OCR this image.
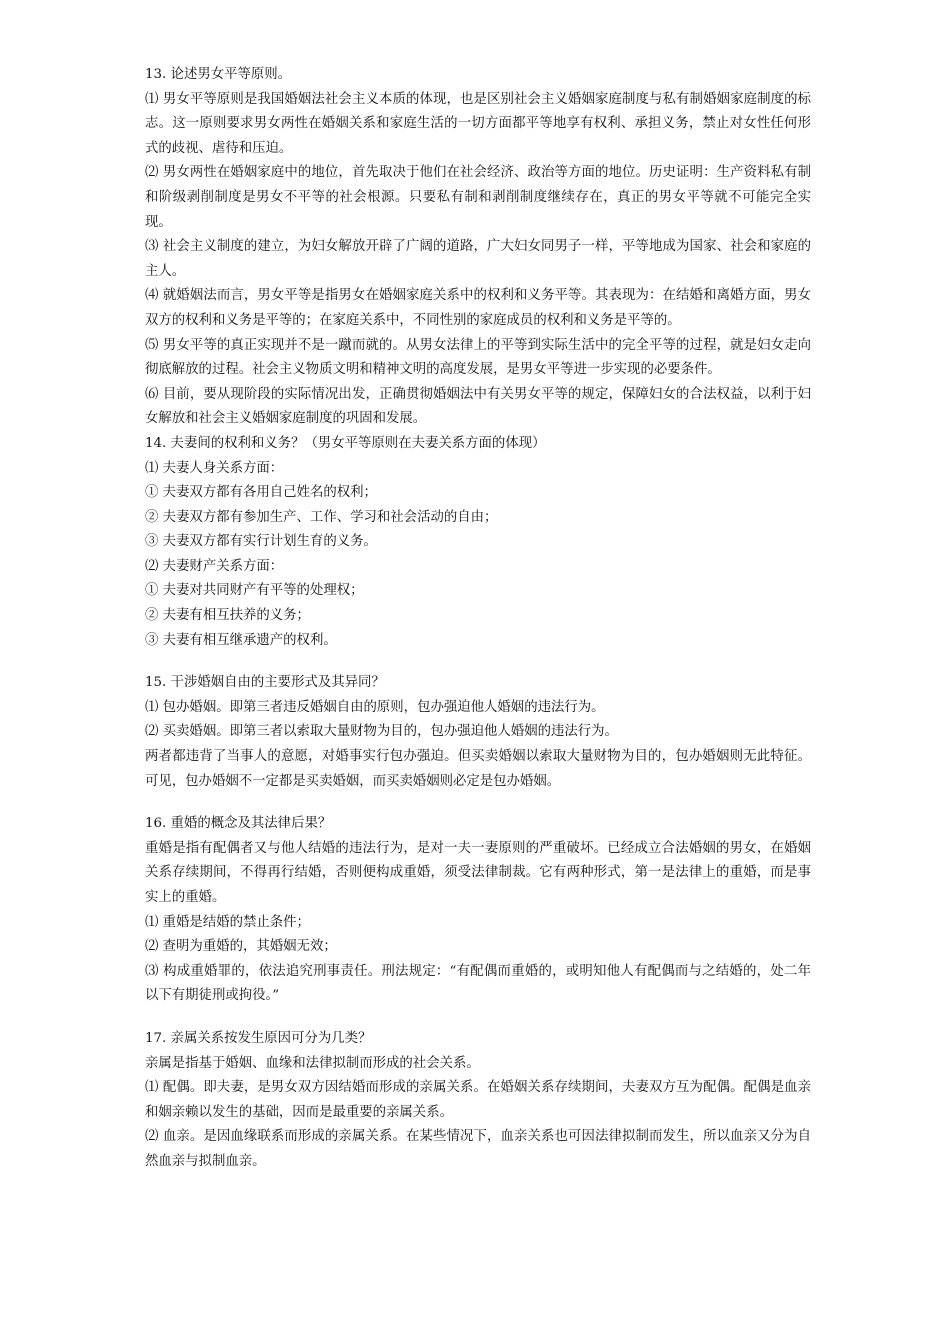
13. 论述男女平等原则。
⑴ 男女平等原则是我国婚姻法社会主义本质的体现，也是区别社会主义婚姻家庭制度与私有制婚姻家庭制度的标志。这一原则要求男女两性在婚姻关系和家庭生活的一切方面都平等地享有权利、承担义务，禁止对女性任何形式的歧视、虐待和压迫。
⑵ 男女两性在婚姻家庭中的地位，首先取决于他们在社会经济、政治等方面的地位。历史证明：生产资料私有制和阶级剥削制度是男女不平等的社会根源。只要私有制和剥削制度继续存在，真正的男女平等就不可能完全实现。
⑶ 社会主义制度的建立，为妇女解放开辟了广阔的道路，广大妇女同男子一样，平等地成为国家、社会和家庭的主人。
⑷ 就婚姻法而言，男女平等是指男女在婚姻家庭关系中的权利和义务平等。其表现为：在结婚和离婚方面，男女双方的权利和义务是平等的；在家庭关系中，不同性别的家庭成员的权利和义务是平等的。
⑸ 男女平等的真正实现并不是一蹴而就的。从男女法律上的平等到实际生活中的完全平等的过程，就是妇女走向彻底解放的过程。社会主义物质文明和精神文明的高度发展，是男女平等进一步实现的必要条件。
⑹ 目前，要从现阶段的实际情况出发，正确贯彻婚姻法中有关男女平等的规定，保障妇女的合法权益，以利于妇女解放和社会主义婚姻家庭制度的巩固和发展。
14. 夫妻间的权利和义务？（男女平等原则在夫妻关系方面的体现）
⑴ 夫妻人身关系方面：
① 夫妻双方都有各用自己姓名的权利；
② 夫妻双方都有参加生产、工作、学习和社会活动的自由；
③ 夫妻双方都有实行计划生育的义务。
⑵ 夫妻财产关系方面：
① 夫妻对共同财产有平等的处理权；
② 夫妻有相互扶养的义务；
③ 夫妻有相互继承遗产的权利。
15. 干涉婚姻自由的主要形式及其异同？
⑴ 包办婚姻。即第三者违反婚姻自由的原则，包办强迫他人婚姻的违法行为。
⑵ 买卖婚姻。即第三者以索取大量财物为目的，包办强迫他人婚姻的违法行为。
两者都违背了当事人的意愿，对婚事实行包办强迫。但买卖婚姻以索取大量财物为目的，包办婚姻则无此特征。可见，包办婚姻不一定都是买卖婚姻，而买卖婚姻则必定是包办婚姻。
16. 重婚的概念及其法律后果？
重婚是指有配偶者又与他人结婚的违法行为，是对一夫一妻原则的严重破坏。已经成立合法婚姻的男女，在婚姻关系存续期间，不得再行结婚，否则便构成重婚，须受法律制裁。它有两种形式，第一是法律上的重婚，而是事实上的重婚。
⑴ 重婚是结婚的禁止条件；
⑵ 查明为重婚的，其婚姻无效；
⑶ 构成重婚罪的，依法追究刑事责任。刑法规定：“有配偶而重婚的，或明知他人有配偶而与之结婚的，处二年以下有期徒刑或拘役。”
17. 亲属关系按发生原因可分为几类？
亲属是指基于婚姻、血缘和法律拟制而形成的社会关系。
⑴ 配偶。即夫妻，是男女双方因结婚而形成的亲属关系。在婚姻关系存续期间，夫妻双方互为配偶。配偶是血亲和姻亲赖以发生的基础，因而是最重要的亲属关系。
⑵ 血亲。是因血缘联系而形成的亲属关系。在某些情况下，血亲关系也可因法律拟制而发生，所以血亲又分为自然血亲与拟制血亲。
